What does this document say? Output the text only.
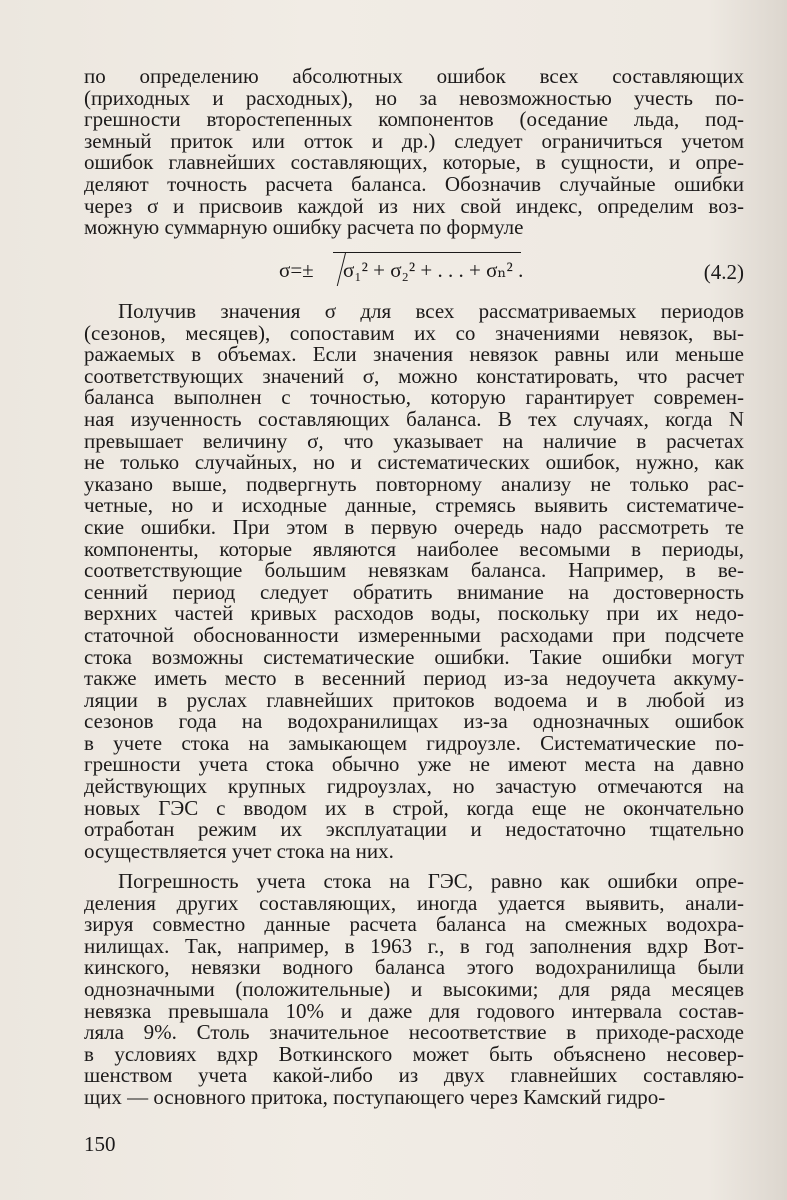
по определению абсолютных ошибок всех составляющих
(приходных и расходных), но за невозможностью учесть по-
грешности второстепенных компонентов (оседание льда, под-
земный приток или отток и др.) следует ограничиться учетом
ошибок главнейших составляющих, которые, в сущности, и опре-
деляют точность расчета баланса. Обозначив случайные ошибки
через σ и присвоив каждой из них свой индекс, определим воз-
можную суммарную ошибку расчета по формуле
σ=± σ₁² + σ₂² + . . . + σₙ² .	(4.2)
Получив значения σ для всех рассматриваемых периодов
(сезонов, месяцев), сопоставим их со значениями невязок, вы-
ражаемых в объемах. Если значения невязок равны или меньше
соответствующих значений σ, можно констатировать, что расчет
баланса выполнен с точностью, которую гарантирует современ-
ная изученность составляющих баланса. В тех случаях, когда N
превышает величину σ, что указывает на наличие в расчетах
не только случайных, но и систематических ошибок, нужно, как
указано выше, подвергнуть повторному анализу не только рас-
четные, но и исходные данные, стремясь выявить систематиче-
ские ошибки. При этом в первую очередь надо рассмотреть те
компоненты, которые являются наиболее весомыми в периоды,
соответствующие большим невязкам баланса. Например, в ве-
сенний период следует обратить внимание на достоверность
верхних частей кривых расходов воды, поскольку при их недо-
статочной обоснованности измеренными расходами при подсчете
стока возможны систематические ошибки. Такие ошибки могут
также иметь место в весенний период из-за недоучета аккуму-
ляции в руслах главнейших притоков водоема и в любой из
сезонов года на водохранилищах из-за однозначных ошибок
в учете стока на замыкающем гидроузле. Систематические по-
грешности учета стока обычно уже не имеют места на давно
действующих крупных гидроузлах, но зачастую отмечаются на
новых ГЭС с вводом их в строй, когда еще не окончательно
отработан режим их эксплуатации и недостаточно тщательно
осуществляется учет стока на них.
Погрешность учета стока на ГЭС, равно как ошибки опре-
деления других составляющих, иногда удается выявить, анали-
зируя совместно данные расчета баланса на смежных водохра-
нилищах. Так, например, в 1963 г., в год заполнения вдхр Вот-
кинского, невязки водного баланса этого водохранилища были
однозначными (положительные) и высокими; для ряда месяцев
невязка превышала 10% и даже для годового интервала состав-
ляла 9%. Столь значительное несоответствие в приходе-расходе
в условиях вдхр Воткинского может быть объяснено несовер-
шенством учета какой-либо из двух главнейших составляю-
щих — основного притока, поступающего через Камский гидро-
150
